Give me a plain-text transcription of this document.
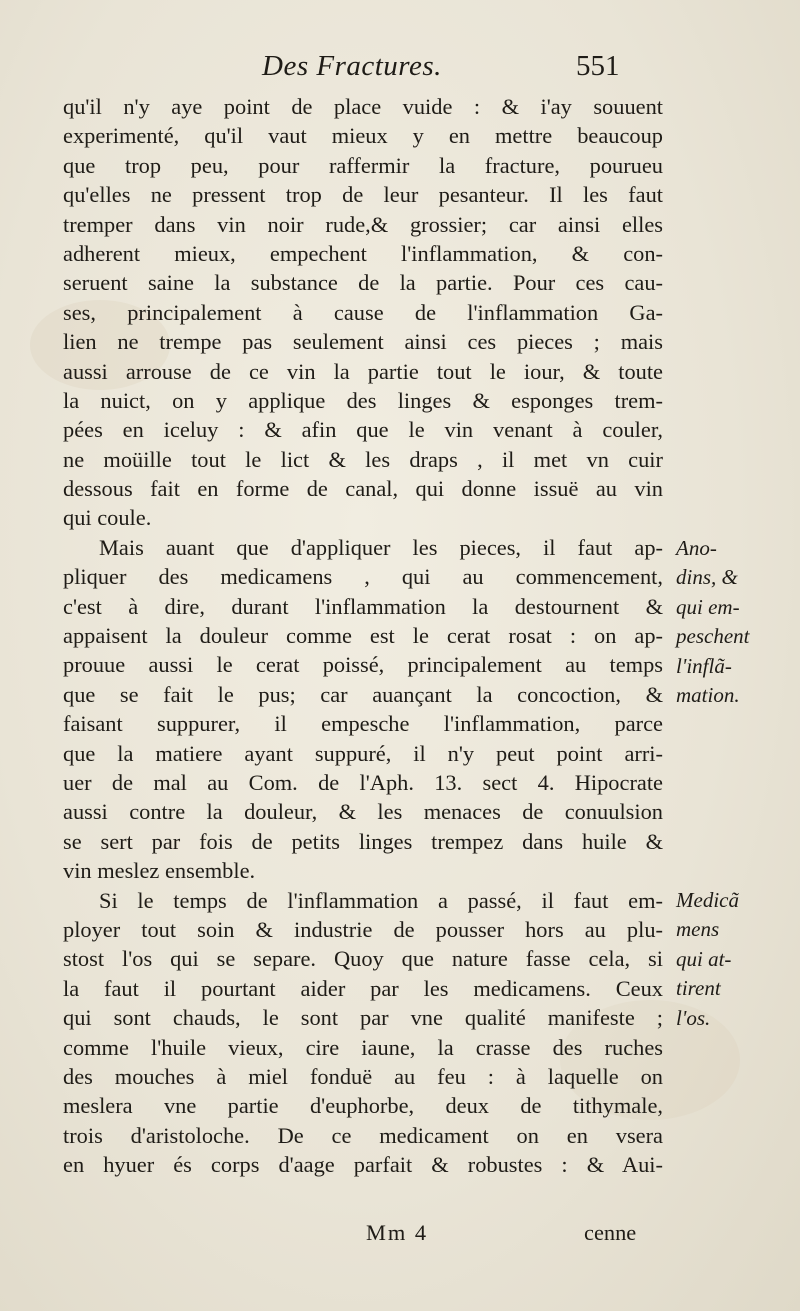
Des Fractures.	551
qu'il n'y aye point de place vuide : & i'ay souuent
experimenté, qu'il vaut mieux y en mettre beaucoup
que trop peu, pour raffermir la fracture, pourueu
qu'elles ne pressent trop de leur pesanteur. Il les faut
tremper dans vin noir rude,& grossier; car ainsi elles
adherent mieux, empechent l'inflammation, & con-
seruent saine la substance de la partie. Pour ces cau-
ses, principalement à cause de l'inflammation Ga-
lien ne trempe pas seulement ainsi ces pieces ; mais
aussi arrouse de ce vin la partie tout le iour, & toute
la nuict, on y applique des linges & esponges trem-
pées en iceluy : & afin que le vin venant à couler,
ne moüille tout le lict & les draps , il met vn cuir
dessous fait en forme de canal, qui donne issuë au vin
qui coule.
Mais auant que d'appliquer les pieces, il faut ap-
pliquer des medicamens , qui au commencement,
c'est à dire, durant l'inflammation la destournent &
appaisent la douleur comme est le cerat rosat : on ap-
prouue aussi le cerat poissé, principalement au temps
que se fait le pus; car auançant la concoction, &
faisant suppurer, il empesche l'inflammation, parce
que la matiere ayant suppuré, il n'y peut point arri-
uer de mal au Com. de l'Aph. 13. sect 4. Hipocrate
aussi contre la douleur, & les menaces de conuulsion
se sert par fois de petits linges trempez dans huile &
vin meslez ensemble.
Si le temps de l'inflammation a passé, il faut em-
ployer tout soin & industrie de pousser hors au plu-
stost l'os qui se separe. Quoy que nature fasse cela, si
la faut il pourtant aider par les medicamens. Ceux
qui sont chauds, le sont par vne qualité manifeste ;
comme l'huile vieux, cire iaune, la crasse des ruches
des mouches à miel fonduë au feu : à laquelle on
meslera vne partie d'euphorbe, deux de tithymale,
trois d'aristoloche. De ce medicament on en vsera
en hyuer és corps d'aage parfait & robustes : & Aui-
Ano-
dins, &
qui em-
peschent
l'inflã-
mation.
Medicã
mens
qui at-
tirent
l'os.
Mm 4	cenne
